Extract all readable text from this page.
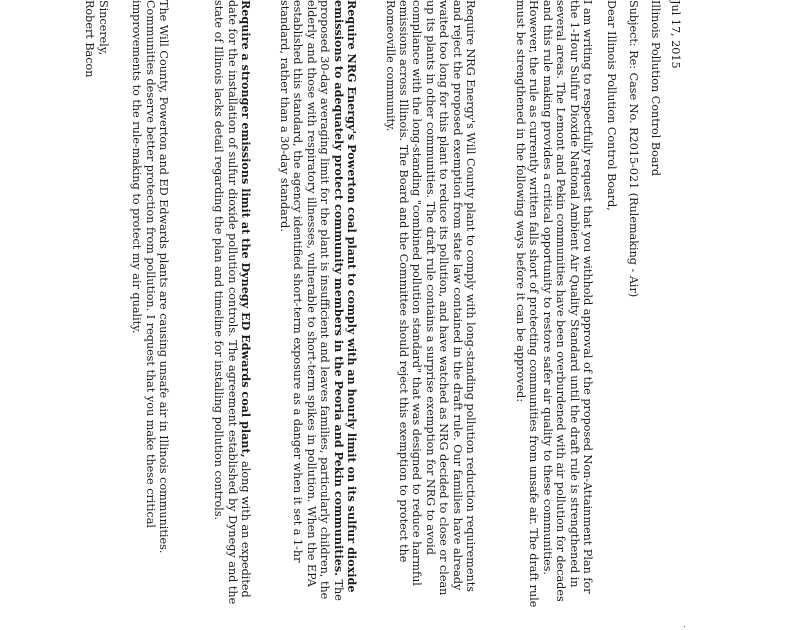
Jul 17, 2015

Illinois Pollution Control Board

Subject: Re: Case No. R2015-021 (Rulemaking - Air)

Dear Illinois Pollution Control Board,

I am writing to respectfully request that you withhold approval of the proposed Non-Attainment Plan for the 1-Hour Sulfur Dioxide National Ambient Air Quality Standard until the draft rule is strengthened in several areas. The Lemont and Pekin communities have been overburdened with air pollution for decades and this rule making provides a critical opportunity to restore safer air quality to these communities. However, the rule as currently written falls short of protecting communities from unsafe air. The draft rule must be strengthened in the following ways before it can be approved:

Require NRG Energy's Will County plant to comply with long-standing pollution reduction requirements and reject the proposed exemption from state law contained in the draft rule. Our families have already waited too long for this plant to reduce its pollution, and have watched as NRG decided to close or clean up its plants in other communities. The draft rule contains a surprise exemption for NRG to avoid compliance with the long-standing "combined pollution standard" that was designed to reduce harmful emissions across Illinois. The Board and the Committee should reject this exemption to protect the Romeoville community.

Require NRG Energy's Powerton coal plant to comply with an hourly limit on its sulfur dioxide emissions to adequately protect community members in the Peoria and Pekin communities. The proposed 30-day averaging limit for the plant is insufficient and leaves families, particularly children, the elderly and those with respiratory illnesses, vulnerable to short-term spikes in pollution. When the EPA established this standard, the agency identified short-term exposure as a danger when it set a 1-hr standard, rather than a 30-day standard.

Require a stronger emissions limit at the Dynegy ED Edwards coal plant, along with an expedited date for the installation of sulfur dioxide pollution controls. The agreement established by Dynegy and the state of Illinois lacks detail regarding the plan and timeline for installing pollution controls.

The Will County, Powerton and ED Edwards plants are causing unsafe air in Illinois communities. Communities deserve better protection from pollution. I request that you make these critical improvements to the rule-making to protect my air quality.

Sincerely,

Robert Bacon

.
